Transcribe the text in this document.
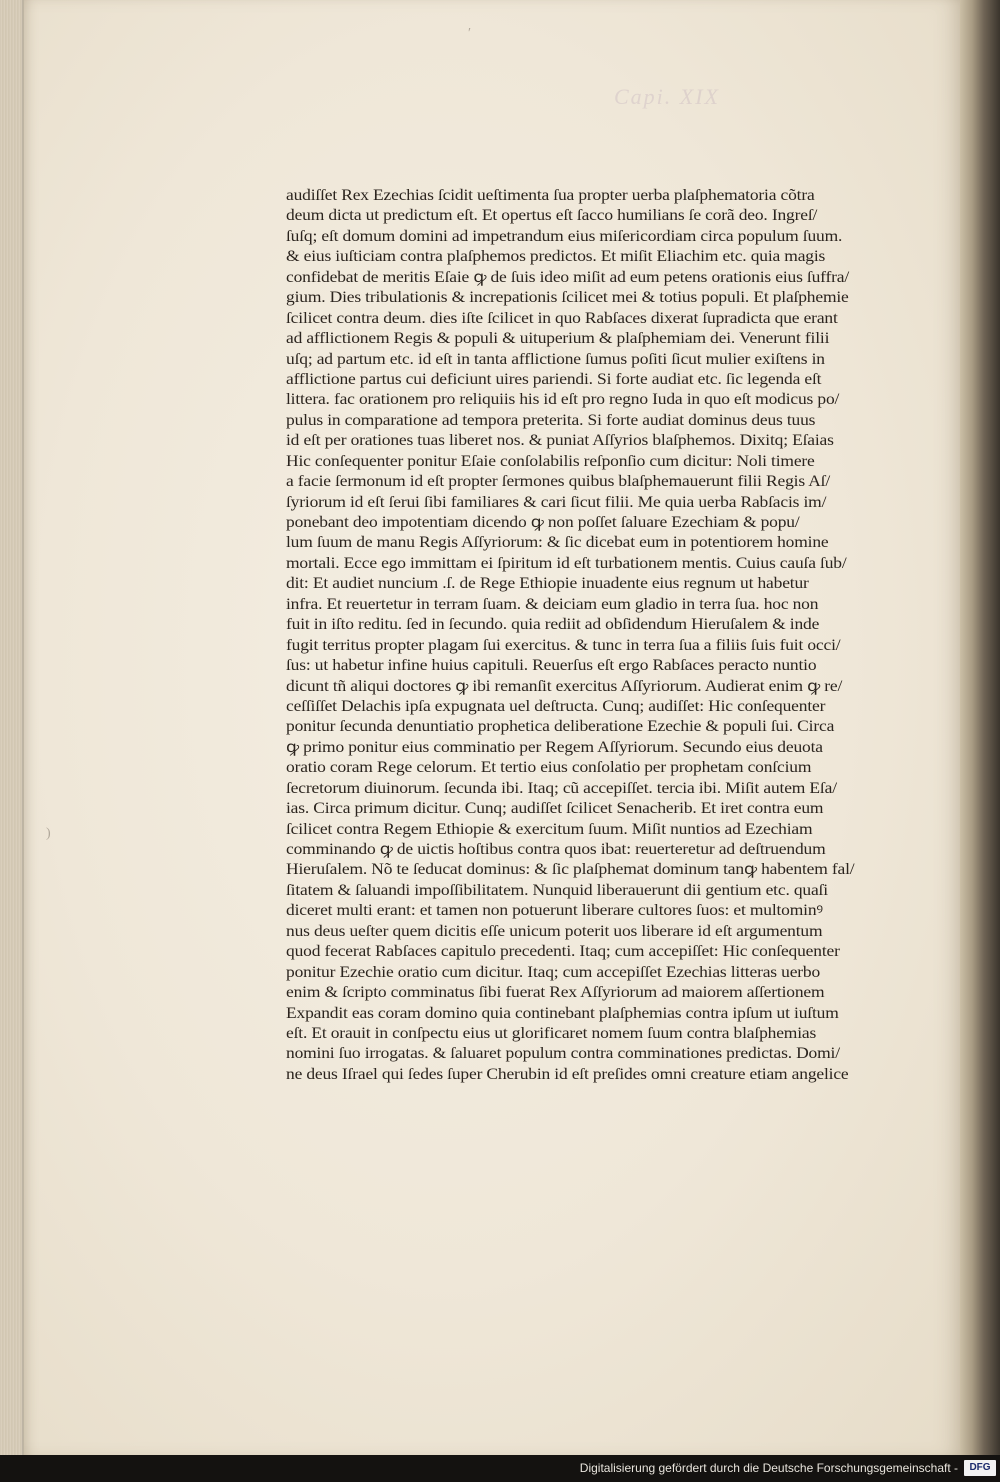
Capi. XIX
′
)
audiſſet Rex Ezechias ſcidit ueſtimenta ſua propter uerba plaſphematoria cõtra
deum dicta ut predictum eſt. Et opertus eſt ſacco humilians ſe corã deo. Ingreſ/
ſuſq; eſt domum domini ad impetrandum eius miſericordiam circa populum ſuum.
& eius iuſticiam contra plaſphemos predictos. Et miſit Eliachim etc. quia magis
confidebat de meritis Eſaie ꝙ de ſuis ideo miſit ad eum petens orationis eius ſuffra/
gium. Dies tribulationis & increpationis ſcilicet mei & totius populi. Et plaſphemie
ſcilicet contra deum. dies iſte ſcilicet in quo Rabſaces dixerat ſupradicta que erant
ad afflictionem Regis & populi & uituperium & plaſphemiam dei. Venerunt filii
uſq; ad partum etc. id eſt in tanta afflictione ſumus poſiti ſicut mulier exiſtens in
afflictione partus cui deficiunt uires pariendi. Si forte audiat etc. ſic legenda eſt
littera. fac orationem pro reliquiis his id eſt pro regno Iuda in quo eſt modicus po/
pulus in comparatione ad tempora preterita. Si forte audiat dominus deus tuus
id eſt per orationes tuas liberet nos. & puniat Aſſyrios blaſphemos. Dixitq; Eſaias
Hic conſequenter ponitur Eſaie conſolabilis reſponſio cum dicitur: Noli timere
a facie ſermonum id eſt propter ſermones quibus blaſphemauerunt filii Regis Aſ/
ſyriorum id eſt ſerui ſibi familiares & cari ſicut filii. Me quia uerba Rabſacis im/
ponebant deo impotentiam dicendo ꝙ non poſſet ſaluare Ezechiam & popu/
lum ſuum de manu Regis Aſſyriorum: & ſic dicebat eum in potentiorem homine
mortali. Ecce ego immittam ei ſpiritum id eſt turbationem mentis. Cuius cauſa ſub/
dit: Et audiet nuncium .ſ. de Rege Ethiopie inuadente eius regnum ut habetur
infra. Et reuertetur in terram ſuam. & deiciam eum gladio in terra ſua. hoc non
fuit in iſto reditu. ſed in ſecundo. quia rediit ad obſidendum Hieruſalem & inde
fugit territus propter plagam ſui exercitus. & tunc in terra ſua a filiis ſuis fuit occi/
ſus: ut habetur infine huius capituli. Reuerſus eſt ergo Rabſaces peracto nuntio
dicunt tñ aliqui doctores ꝙ ibi remanſit exercitus Aſſyriorum. Audierat enim ꝙ re/
ceſſiſſet Delachis ipſa expugnata uel deſtructa. Cunq; audiſſet: Hic conſequenter
ponitur ſecunda denuntiatio prophetica deliberatione Ezechie & populi ſui. Circa
ꝙ primo ponitur eius comminatio per Regem Aſſyriorum. Secundo eius deuota
oratio coram Rege celorum. Et tertio eius conſolatio per prophetam conſcium
ſecretorum diuinorum. ſecunda ibi. Itaq; cũ accepiſſet. tercia ibi. Miſit autem Eſa/
ias. Circa primum dicitur. Cunq; audiſſet ſcilicet Senacherib. Et iret contra eum
ſcilicet contra Regem Ethiopie & exercitum ſuum. Miſit nuntios ad Ezechiam
comminando ꝙ de uictis hoſtibus contra quos ibat: reuerteretur ad deſtruendum
Hieruſalem. Nõ te ſeducat dominus: & ſic plaſphemat dominum tanꝙ habentem fal/
ſitatem & ſaluandi impoſſibilitatem. Nunquid liberauerunt dii gentium etc. quaſi
diceret multi erant: et tamen non potuerunt liberare cultores ſuos: et multominꝰ
nus deus ueſter quem dicitis eſſe unicum poterit uos liberare id eſt argumentum
quod fecerat Rabſaces capitulo precedenti. Itaq; cum accepiſſet: Hic conſequenter
ponitur Ezechie oratio cum dicitur. Itaq; cum accepiſſet Ezechias litteras uerbo
enim & ſcripto comminatus ſibi fuerat Rex Aſſyriorum ad maiorem aſſertionem
Expandit eas coram domino quia continebant plaſphemias contra ipſum ut iuſtum
eſt. Et orauit in conſpectu eius ut glorificaret nomem ſuum contra blaſphemias
nomini ſuo irrogatas. & ſaluaret populum contra comminationes predictas. Domi/
ne deus Iſrael qui ſedes ſuper Cherubin id eſt preſides omni creature etiam angelice
Digitalisierung gefördert durch die Deutsche Forschungsgemeinschaft -	DFG
